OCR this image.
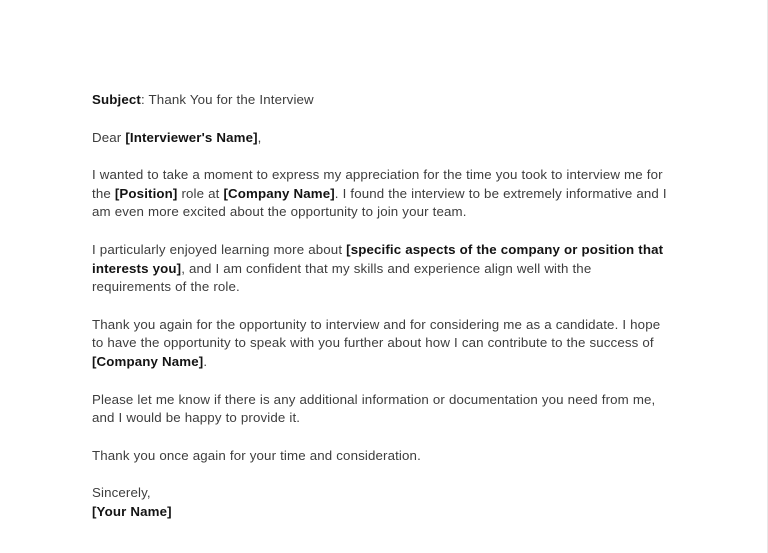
Subject: Thank You for the Interview

Dear [Interviewer's Name],

I wanted to take a moment to express my appreciation for the time you took to interview me for the [Position] role at [Company Name]. I found the interview to be extremely informative and I am even more excited about the opportunity to join your team.

I particularly enjoyed learning more about [specific aspects of the company or position that interests you], and I am confident that my skills and experience align well with the requirements of the role.

Thank you again for the opportunity to interview and for considering me as a candidate. I hope to have the opportunity to speak with you further about how I can contribute to the success of [Company Name].

Please let me know if there is any additional information or documentation you need from me, and I would be happy to provide it.

Thank you once again for your time and consideration.

Sincerely,
[Your Name]
